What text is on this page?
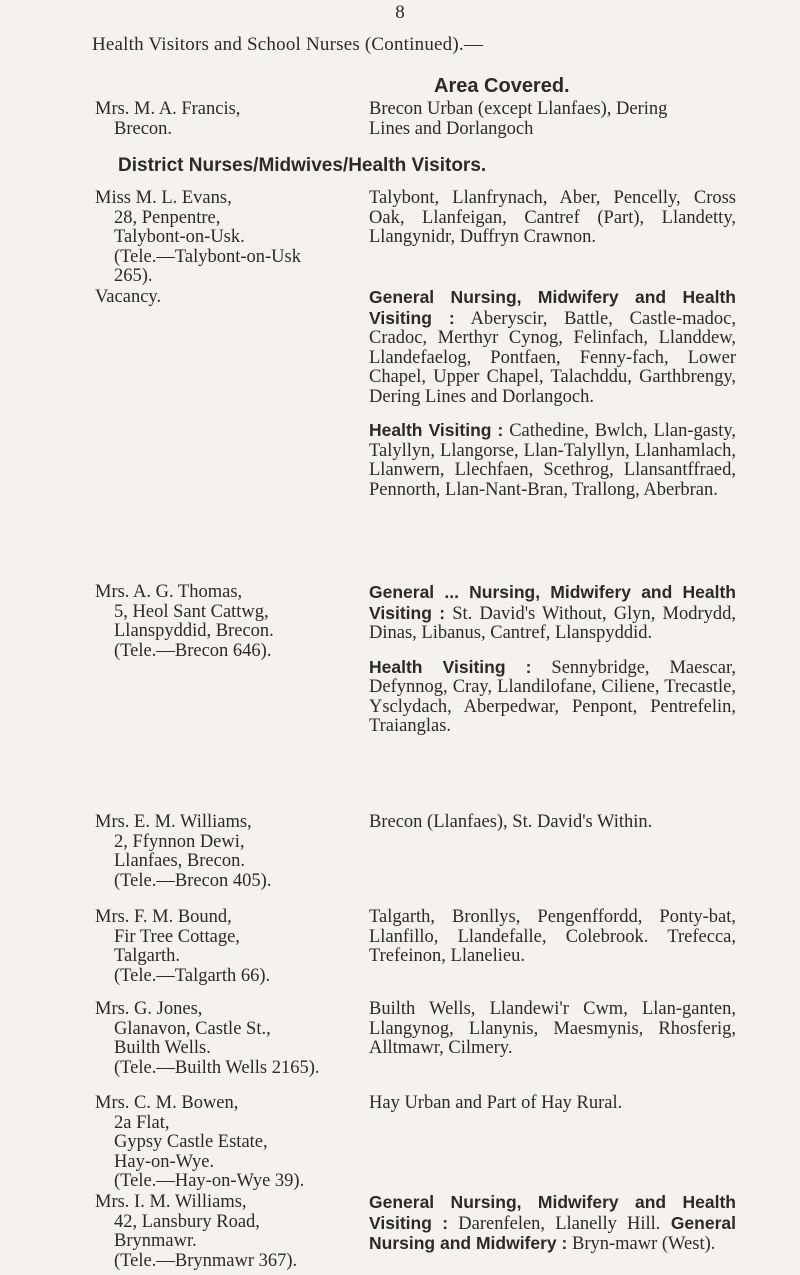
8
Health Visitors and School Nurses (Continued).—
Area Covered.
Mrs. M. A. Francis,
Brecon.
Brecon Urban (except Llanfaes), Dering
Lines and Dorlangoch
District Nurses/Midwives/Health Visitors.
Miss M. L. Evans,
28, Penpentre,
Talybont-on-Usk.
(Tele.—Talybont-on-Usk
265).

Talybont, Llanfrynach, Aber, Pencelly, Cross Oak, Llanfeigan, Cantref (Part), Llandetty, Llangynidr, Duffryn Crawnon.

Vacancy.	General Nursing, Midwifery and Health Visiting : Aberyscir, Battle, Castle-madoc, Cradoc, Merthyr Cynog, Felinfach, Llanddew, Llandefaelog, Pontfaen, Fenny-fach, Lower Chapel, Upper Chapel, Talachddu, Garthbrengy, Dering Lines and Dorlangoch.

Health Visiting : Cathedine, Bwlch, Llan-gasty, Talyllyn, Llangorse, Llan-Talyllyn, Llanhamlach, Llanwern, Llechfaen, Scethrog, Llansantffraed, Pennorth, Llan-Nant-Bran, Trallong, Aberbran.

Mrs. A. G. Thomas,
5, Heol Sant Cattwg,
Llanspyddid, Brecon.
(Tele.—Brecon 646).

General ... Nursing, Midwifery and Health Visiting : St. David's Without, Glyn, Modrydd, Dinas, Libanus, Cantref, Llanspyddid.

Health Visiting : Sennybridge, Maescar, Defynnog, Cray, Llandilofane, Ciliene, Trecastle, Ysclydach, Aberpedwar, Penpont, Pentrefelin, Traianglas.

Mrs. E. M. Williams,
2, Ffynnon Dewi,
Llanfaes, Brecon.
(Tele.—Brecon 405).

Brecon (Llanfaes), St. David's Within.

Mrs. F. M. Bound,
Fir Tree Cottage,
Talgarth.
(Tele.—Talgarth 66).

Talgarth, Bronllys, Pengenffordd, Ponty-bat, Llanfillo, Llandefalle, Colebrook. Trefecca, Trefeinon, Llanelieu.

Mrs. G. Jones,
Glanavon, Castle St.,
Builth Wells.
(Tele.—Builth Wells 2165).

Builth Wells, Llandewi'r Cwm, Llan-ganten, Llangynog, Llanynis, Maesmynis, Rhosferig, Alltmawr, Cilmery.

Mrs. C. M. Bowen,
2a Flat,
Gypsy Castle Estate,
Hay-on-Wye.
(Tele.—Hay-on-Wye 39).

Hay Urban and Part of Hay Rural.

Mrs. I. M. Williams,
42, Lansbury Road,
Brynmawr.
(Tele.—Brynmawr 367).

General Nursing, Midwifery and Health Visiting : Darenfelen, Llanelly Hill. General Nursing and Midwifery : Bryn-mawr (West).
